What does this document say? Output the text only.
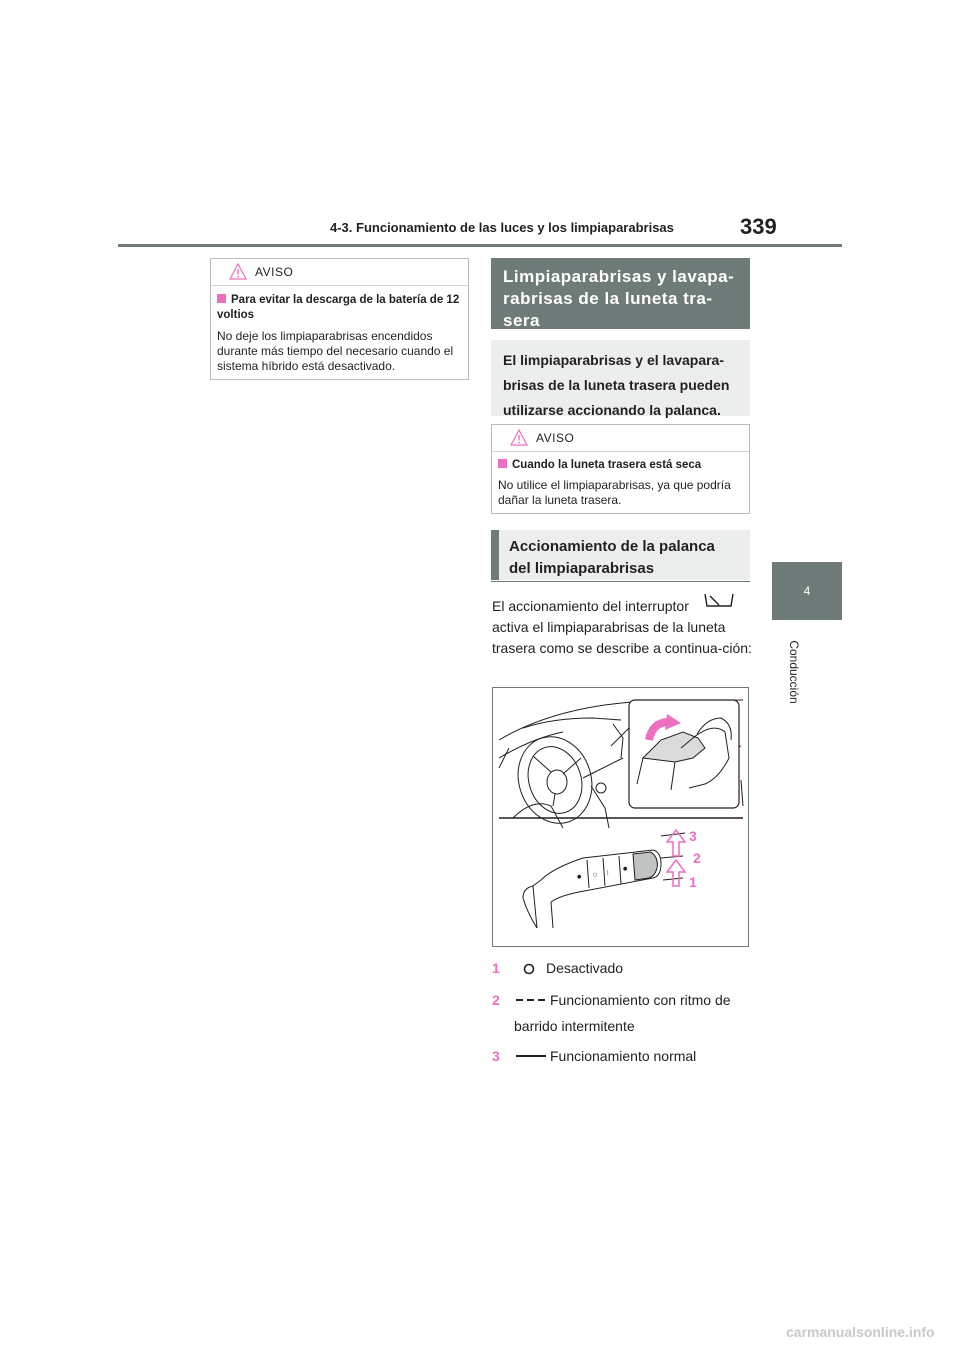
4-3. Funcionamiento de las luces y los limpiaparabrisas	339
4
Conducción
AVISO
Para evitar la descarga de la batería de 12 voltios
No deje los limpiaparabrisas encendidos durante más tiempo del necesario cuando el sistema híbrido está desactivado.
Limpiaparabrisas y lavapa-rabrisas de la luneta tra-sera
El limpiaparabrisas y el lavapara-brisas de la luneta trasera pueden utilizarse accionando la palanca.
AVISO
Cuando la luneta trasera está seca
No utilice el limpiaparabrisas, ya que podría dañar la luneta trasera.
Accionamiento de la palanca del limpiaparabrisas
El accionamiento del interruptor
activa el limpiaparabrisas de la luneta trasera como se describe a continua-ción:
● ○ |
●
3
2
1
1	Desactivado
2	Funcionamiento con ritmo de
barrido intermitente
3	Funcionamiento normal
carmanualsonline.info
